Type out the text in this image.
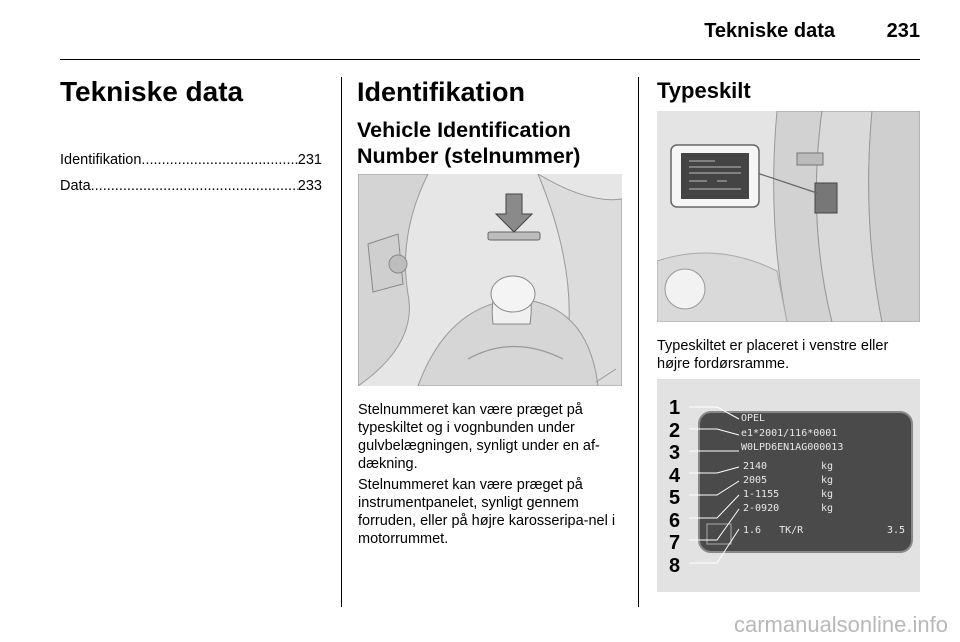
Tekniske data	231
Tekniske data
Identifikation .....	231
Data .....	233
Identifikation
Vehicle Identification Number (stelnummer)
Stelnummeret kan være præget på typeskiltet og i vognbunden under gulvbelægningen, synligt under en af-dækning.
Stelnummeret kan være præget på instrumentpanelet, synligt gennem forruden, eller på højre karosseripa-nel i motorrummet.
Typeskilt
Typeskiltet er placeret i venstre eller højre fordørsramme.
1
2
3
4
5
6
7
8
OPEL
e1*2001/116*0001
W0LPD6EN1AG000013
2140	kg
2005	kg
1-1155	kg
2-0920	kg
1.6   TK/R	3.5
carmanualsonline.info
